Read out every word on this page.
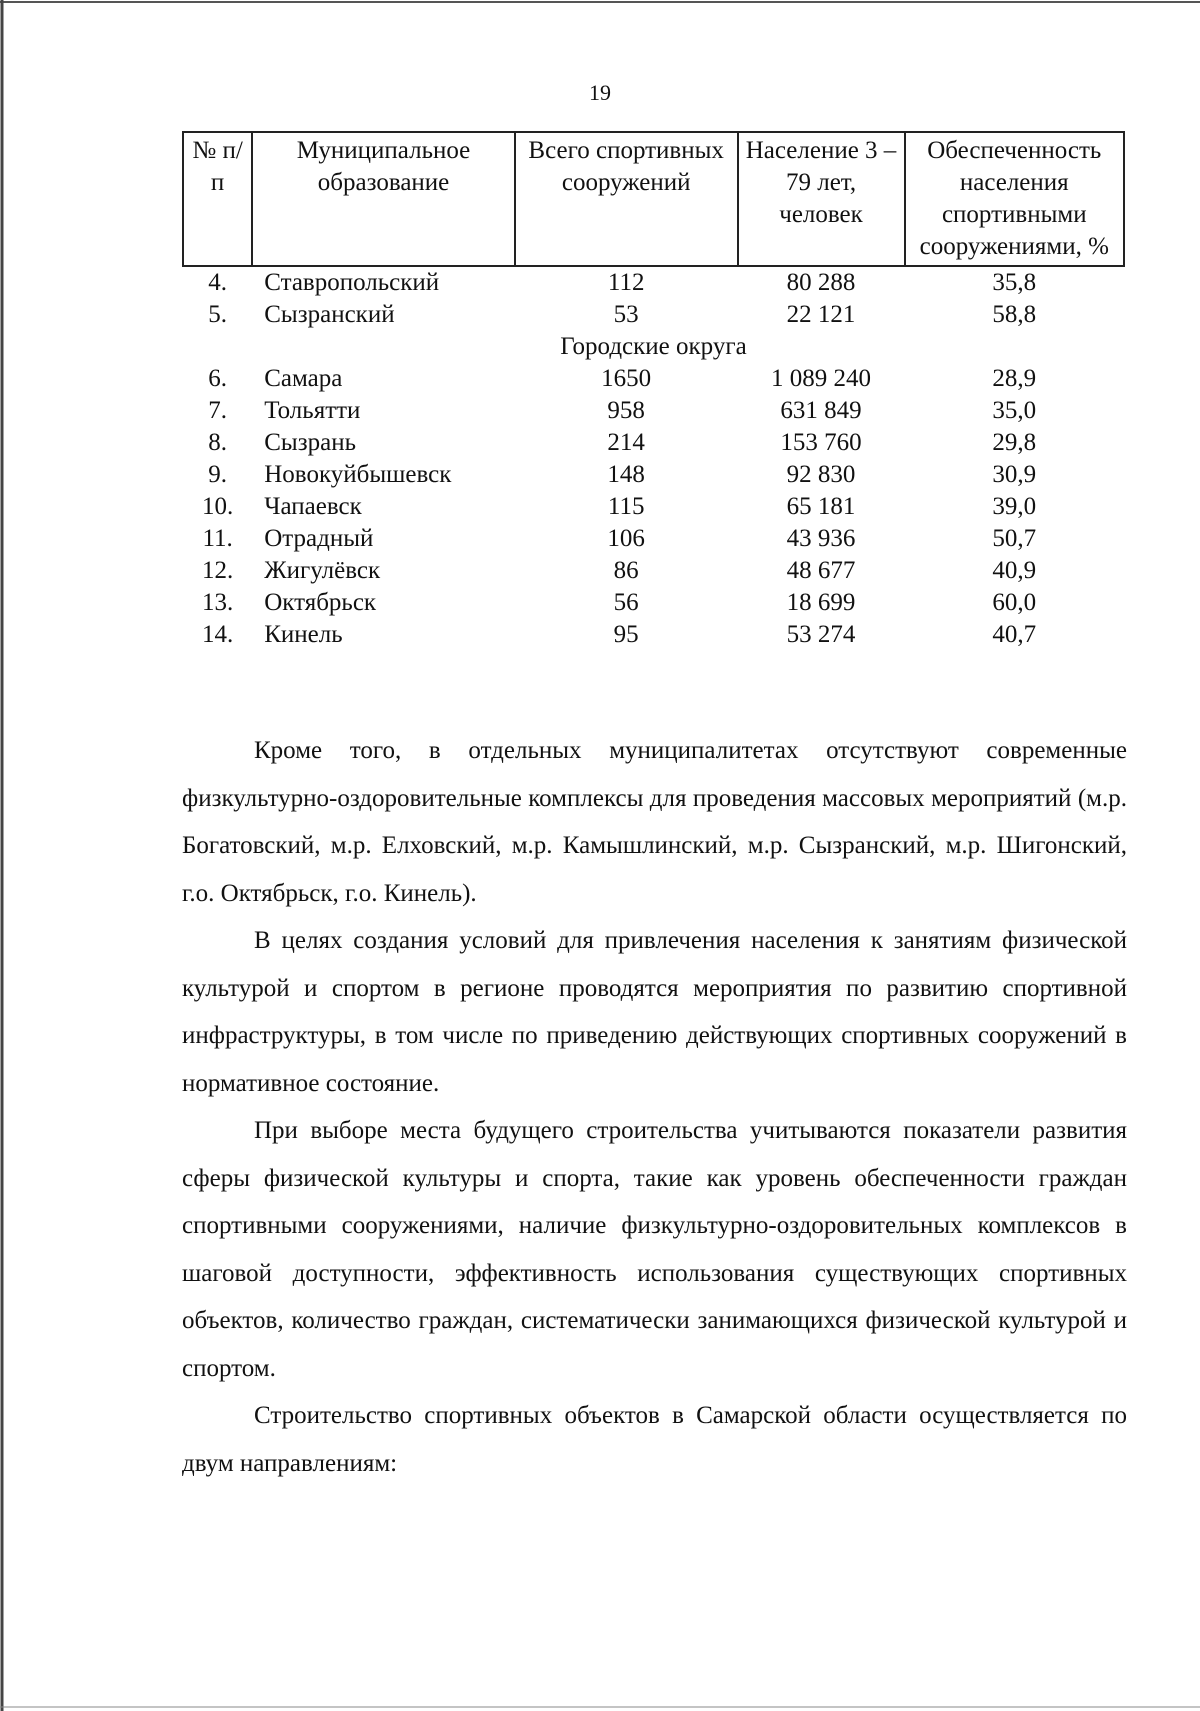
19
№ п/п	Муниципальное образование	Всего спортивных сооружений	Население 3 – 79 лет, человек	Обеспеченность населения спортивными сооружениями, %
4.	Ставропольский	112	80 288	35,8
5.	Сызранский	53	22 121	58,8
Городские округа				
6.	Самара	1650	1 089 240	28,9
7.	Тольятти	958	631 849	35,0
8.	Сызрань	214	153 760	29,8
9.	Новокуйбышевск	148	92 830	30,9
10.	Чапаевск	115	65 181	39,0
11.	Отрадный	106	43 936	50,7
12.	Жигулёвск	86	48 677	40,9
13.	Октябрьск	56	18 699	60,0
14.	Кинель	95	53 274	40,7

Кроме того, в отдельных муниципалитетах отсутствуют современные физкультурно-оздоровительные комплексы для проведения массовых мероприятий (м.р. Богатовский, м.р. Елховский, м.р. Камышлинский, м.р. Сызранский, м.р. Шигонский, г.о. Октябрьск, г.о. Кинель).

В целях создания условий для привлечения населения к занятиям физической культурой и спортом в регионе проводятся мероприятия по развитию спортивной инфраструктуры, в том числе по приведению действующих спортивных сооружений в нормативное состояние.

При выборе места будущего строительства учитываются показатели развития сферы физической культуры и спорта, такие как уровень обеспеченности граждан спортивными сооружениями, наличие физкультурно-оздоровительных комплексов в шаговой доступности, эффективность использования существующих спортивных объектов, количество граждан, систематически занимающихся физической культурой и спортом.

Строительство спортивных объектов в Самарской области осуществляется по двум направлениям:
